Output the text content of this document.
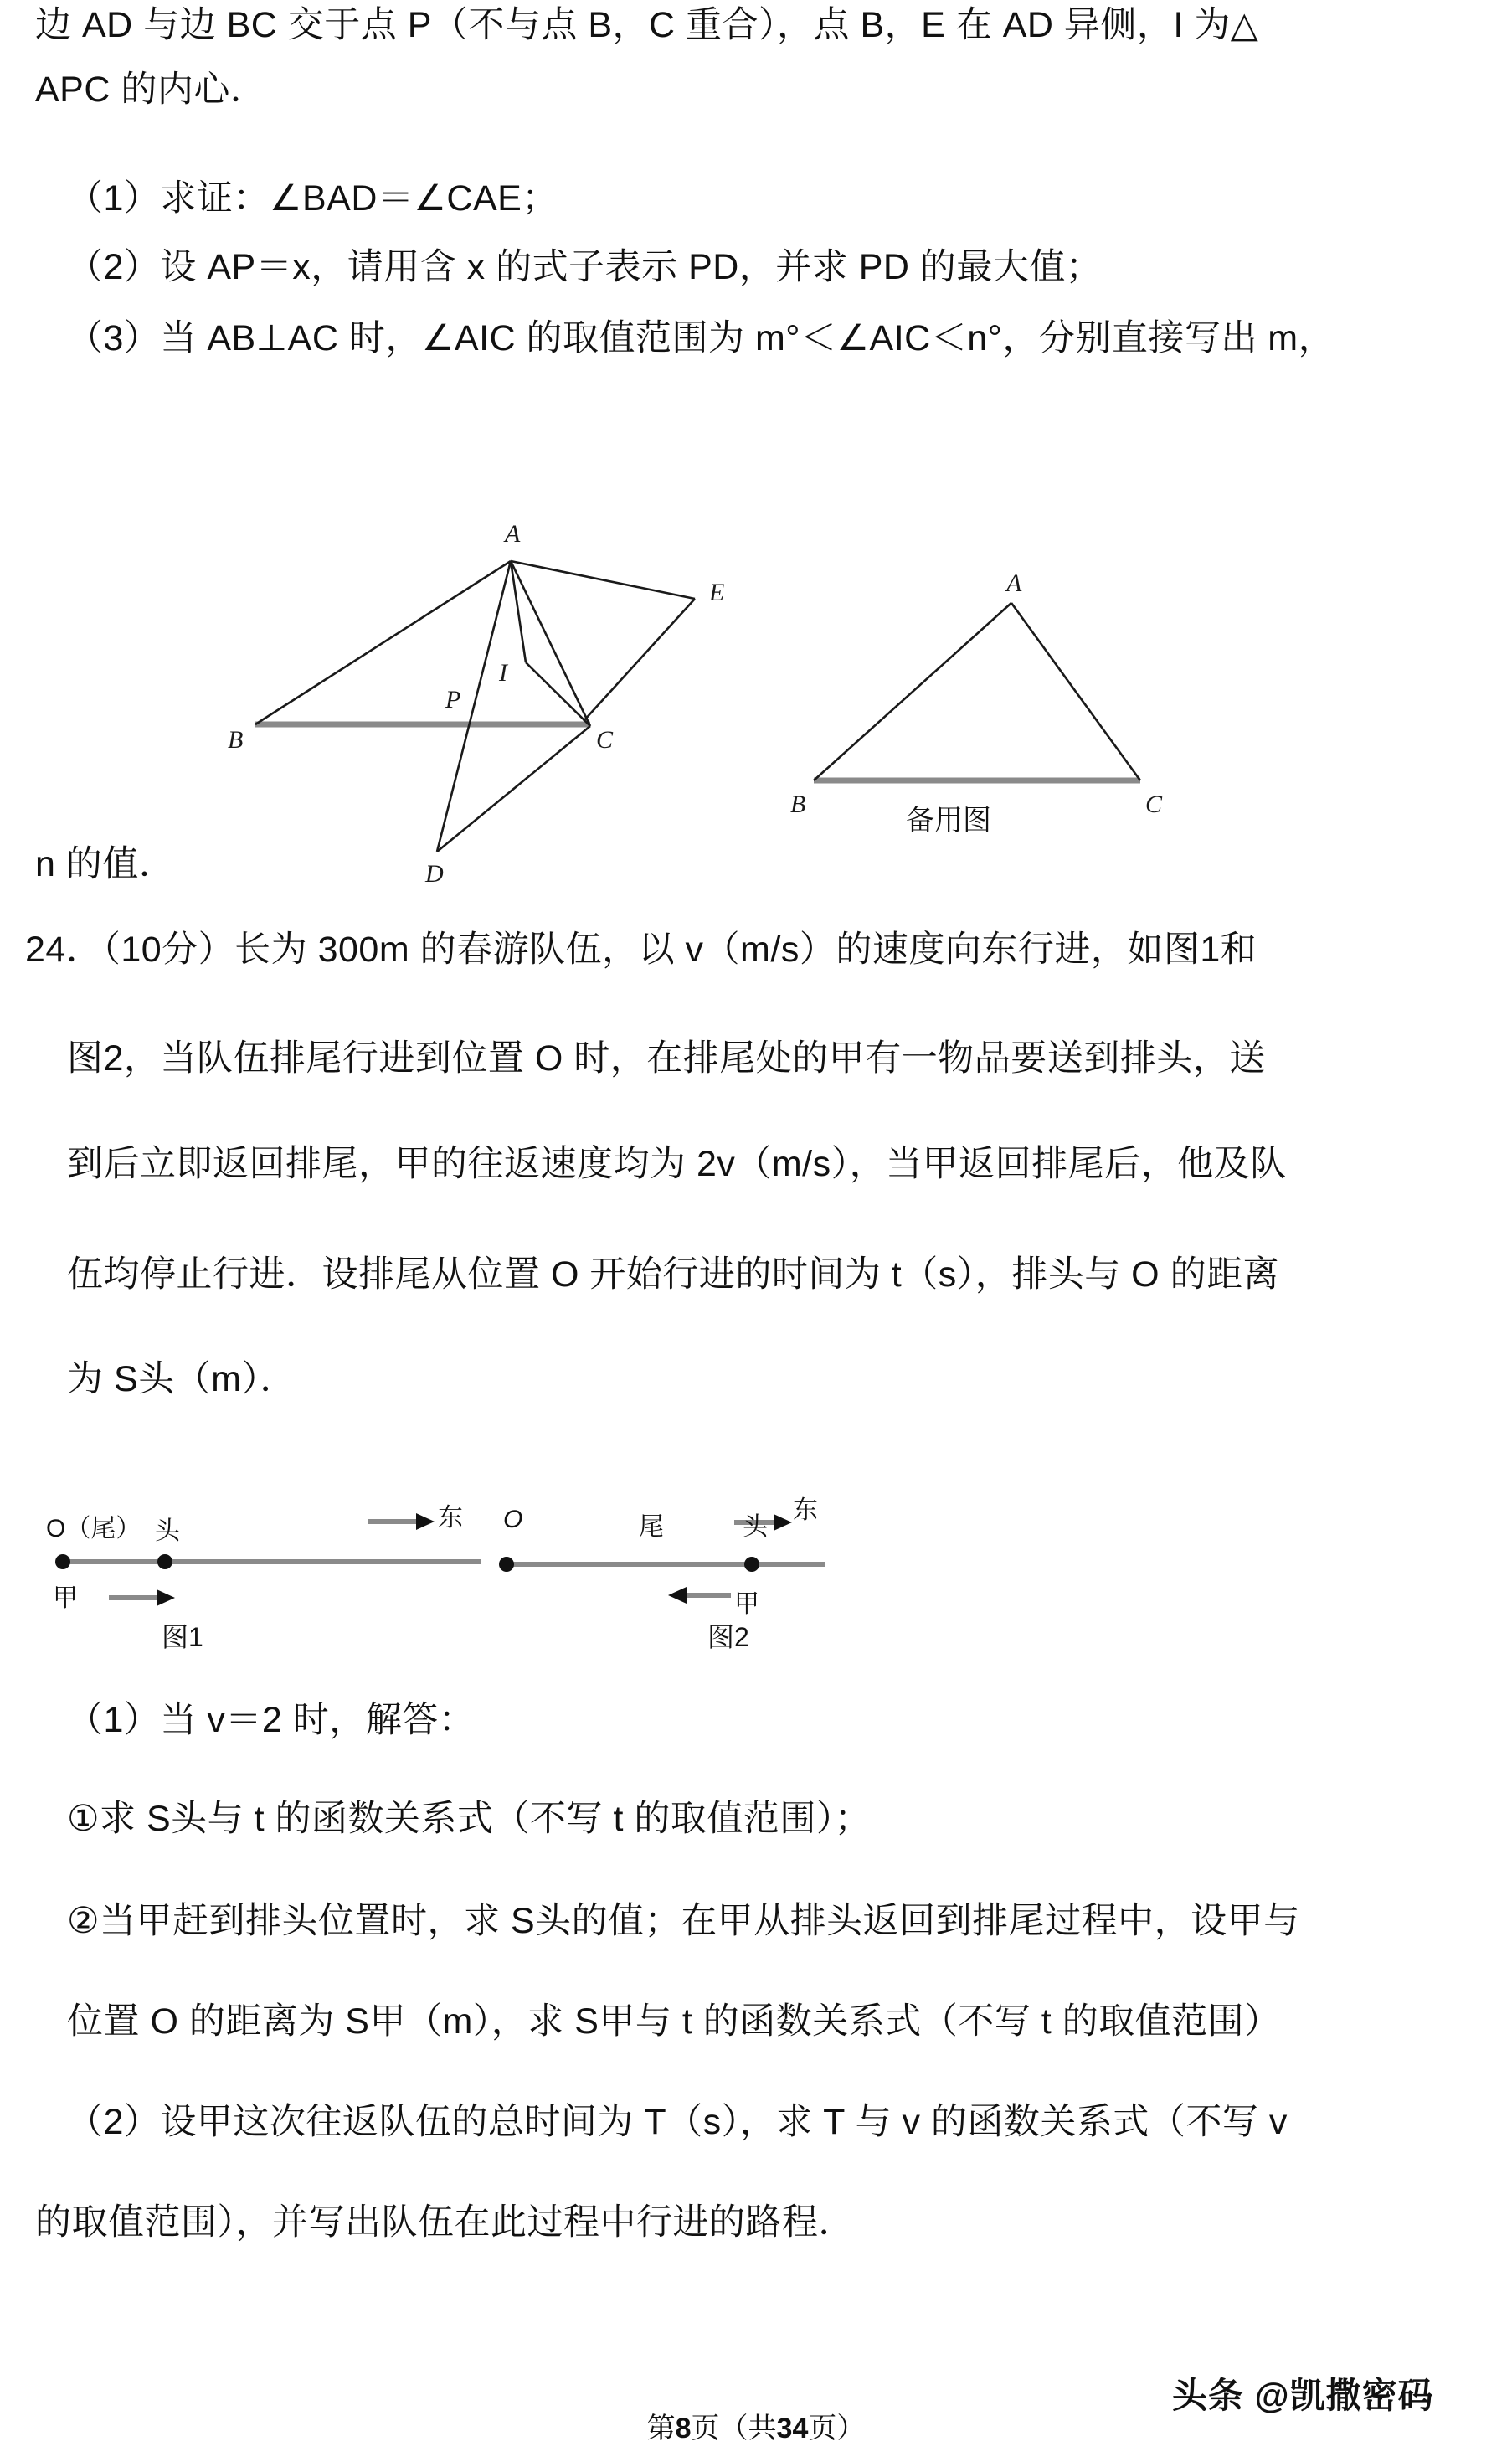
边 AD 与边 BC 交于点 P（不与点 B，C 重合），点 B，E 在 AD 异侧，I 为△
APC 的内心．
（1）求证：∠BAD＝∠CAE；
（2）设 AP＝x，请用含 x 的式子表示 PD，并求 PD 的最大值；
（3）当 AB⊥AC 时，∠AIC 的取值范围为 m°＜∠AIC＜n°，分别直接写出 m，
n 的值．
A
E
I
P
B	C
D
A
B	C
备用图
24．（10分）长为 300m 的春游队伍，以 v（m/s）的速度向东行进，如图1和
图2，当队伍排尾行进到位置 O 时，在排尾处的甲有一物品要送到排头，送
到后立即返回排尾，甲的往返速度均为 2v（m/s），当甲返回排尾后，他及队
伍均停止行进．设排尾从位置 O 开始行进的时间为 t（s），排头与 O 的距离
为 S头（m）．
O（尾） 头	东
甲
图1
O	尾	头
东
甲
图2
（1）当 v＝2 时，解答：
①求 S头与 t 的函数关系式（不写 t 的取值范围）；
②当甲赶到排头位置时，求 S头的值；在甲从排头返回到排尾过程中，设甲与
位置 O 的距离为 S甲（m），求 S甲与 t 的函数关系式（不写 t 的取值范围）
（2）设甲这次往返队伍的总时间为 T（s），求 T 与 v 的函数关系式（不写 v
的取值范围），并写出队伍在此过程中行进的路程．
第8页（共34页）
头条 @凯撒密码
